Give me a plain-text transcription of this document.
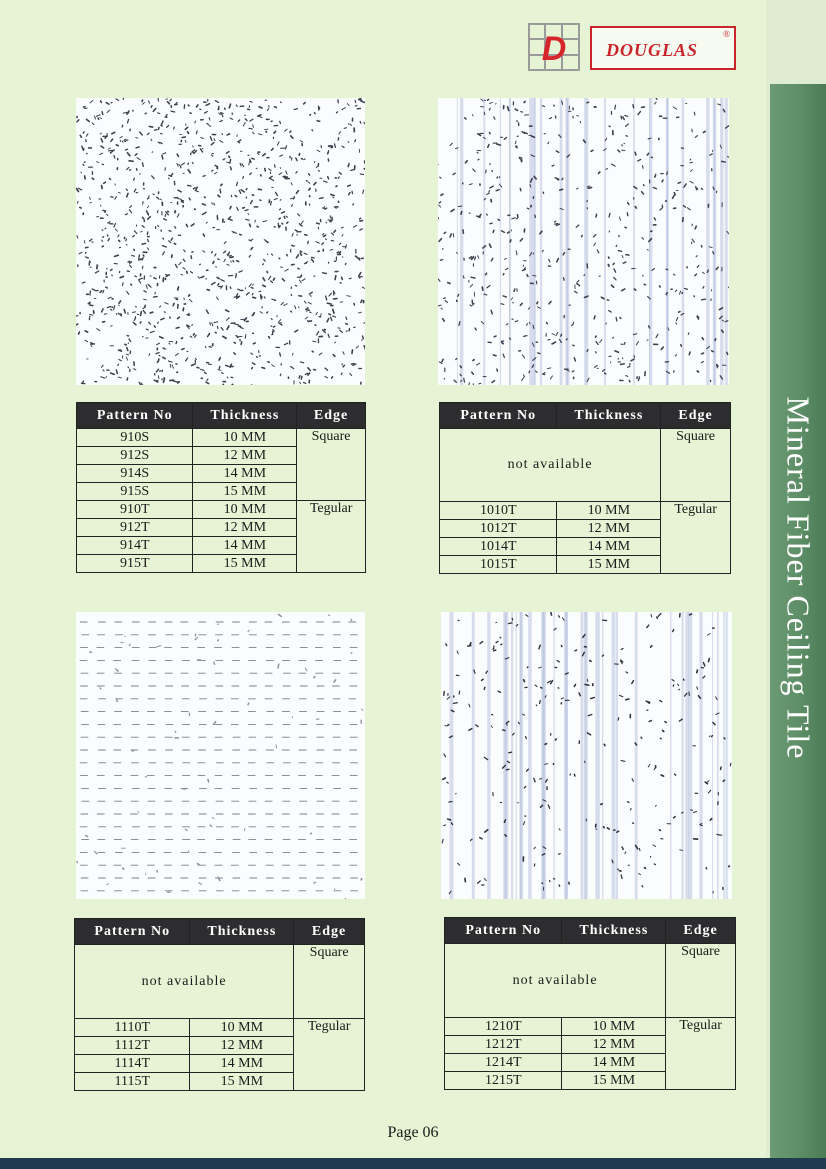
Mineral Fiber Ceiling Tile
D DOUGLAS
®
Pattern No	Thickness	Edge
910S	10 MM	Square
912S	12 MM	
914S	14 MM	
915S	15 MM	
910T	10 MM	Tegular
912T	12 MM	
914T	14 MM	
915T	15 MM	
Pattern No	Thickness	Edge
not available		Square
1010T	10 MM	Tegular
1012T	12 MM	
1014T	14 MM	
1015T	15 MM	
Pattern No	Thickness	Edge
not available		Square
1110T	10 MM	Tegular
1112T	12 MM	
1114T	14 MM	
1115T	15 MM	
Pattern No	Thickness	Edge
not available		Square
1210T	10 MM	Tegular
1212T	12 MM	
1214T	14 MM	
1215T	15 MM	
Page 06
